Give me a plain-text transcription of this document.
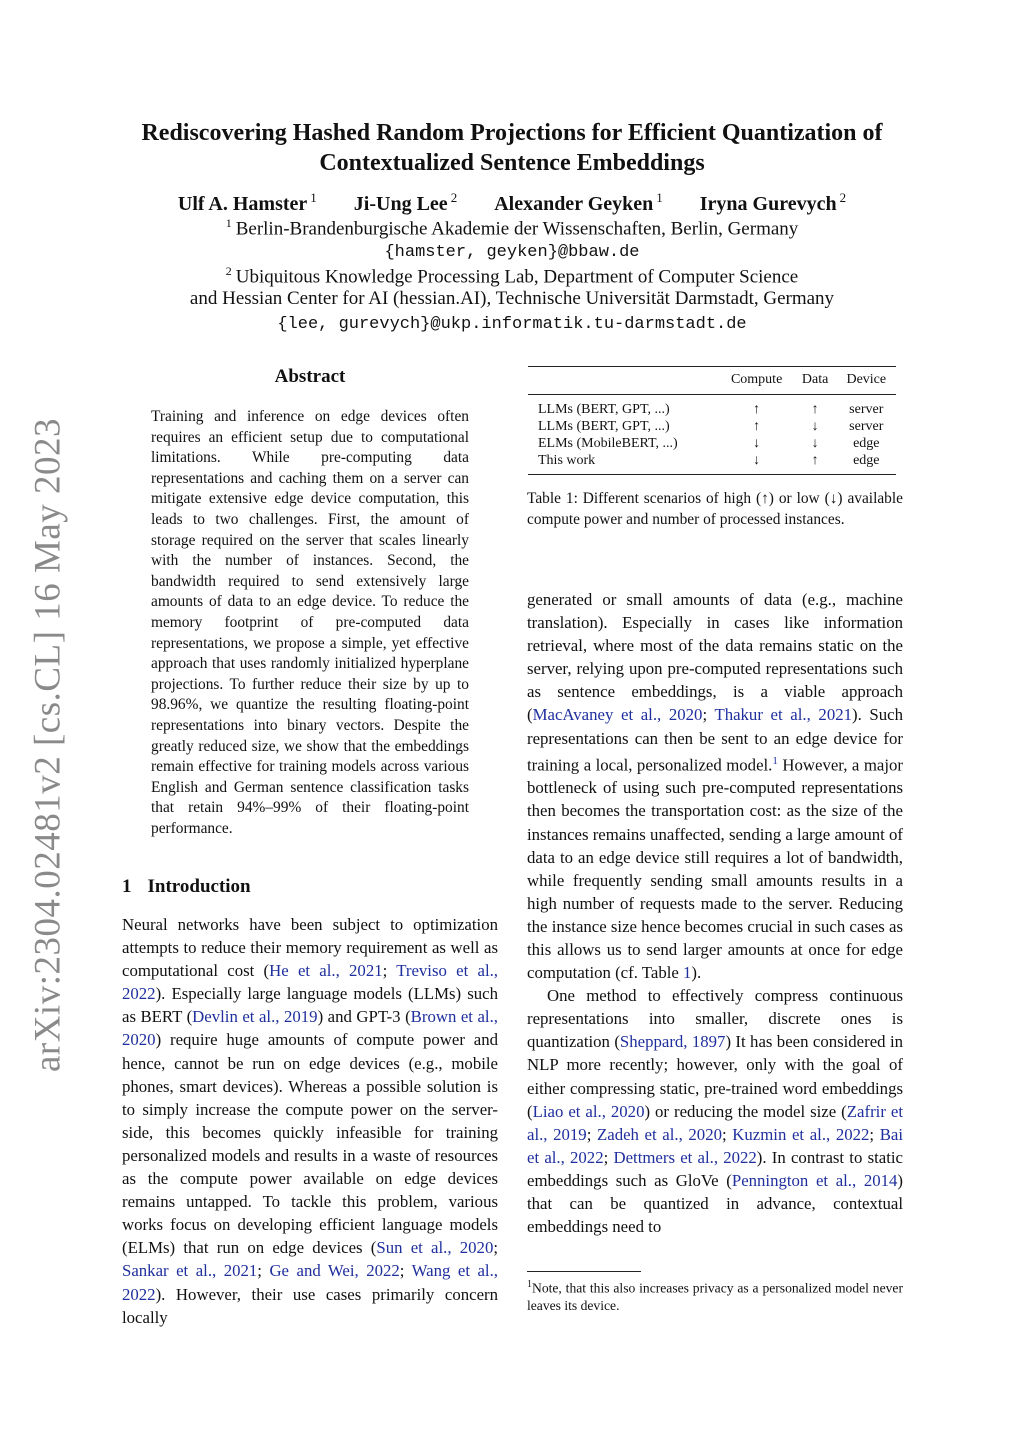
arXiv:2304.02481v2 [cs.CL] 16 May 2023
Rediscovering Hashed Random Projections for Efficient Quantization of
Contextualized Sentence Embeddings
Ulf A. Hamster $^1$ Ji-Ung Lee $^2$ Alexander Geyken $^1$ Iryna Gurevych $^2$
$^1$ Berlin-Brandenburgische Akademie der Wissenschaften, Berlin, Germany
{hamster, geyken}@bbaw.de
$^2$ Ubiquitous Knowledge Processing Lab, Department of Computer Science
and Hessian Center for AI (hessian.AI), Technische Universität Darmstadt, Germany
{lee, gurevych}@ukp.informatik.tu-darmstadt.de
Abstract
Training and inference on edge devices often requires an efficient setup due to computational limitations. While pre-computing data representations and caching them on a server can mitigate extensive edge device computation, this leads to two challenges. First, the amount of storage required on the server that scales linearly with the number of instances. Second, the bandwidth required to send extensively large amounts of data to an edge device. To reduce the memory footprint of pre-computed data representations, we propose a simple, yet effective approach that uses randomly initialized hyperplane projections. To further reduce their size by up to 98.96%, we quantize the resulting floating-point representations into binary vectors. Despite the greatly reduced size, we show that the embeddings remain effective for training models across various English and German sentence classification tasks that retain 94%–99% of their floating-point performance.
1 Introduction

Neural networks have been subject to optimization attempts to reduce their memory requirement as well as computational cost (He et al., 2021; Treviso et al., 2022). Especially large language models (LLMs) such as BERT (Devlin et al., 2019) and GPT-3 (Brown et al., 2020) require huge amounts of compute power and hence, cannot be run on edge devices (e.g., mobile phones, smart devices). Whereas a possible solution is to simply increase the compute power on the server-side, this becomes quickly infeasible for training personalized models and results in a waste of resources as the compute power available on edge devices remains untapped. To tackle this problem, various works focus on developing efficient language models (ELMs) that run on edge devices (Sun et al., 2020; Sankar et al., 2021; Ge and Wei, 2022; Wang et al., 2022). However, their use cases primarily concern locally

	Compute	Data	Device
LLMs (BERT, GPT, ...)	↑	↑	server
LLMs (BERT, GPT, ...)	↑	↓	server
ELMs (MobileBERT, ...)	↓	↓	edge
This work	↓	↑	edge
Table 1: Different scenarios of high (↑) or low (↓) available compute power and number of processed instances.

generated or small amounts of data (e.g., machine translation). Especially in cases like information retrieval, where most of the data remains static on the server, relying upon pre-computed representations such as sentence embeddings, is a viable approach (MacAvaney et al., 2020; Thakur et al., 2021). Such representations can then be sent to an edge device for training a local, personalized model.$^1$ However, a major bottleneck of using such pre-computed representations then becomes the transportation cost: as the size of the instances remains unaffected, sending a large amount of data to an edge device still requires a lot of bandwidth, while frequently sending small amounts results in a high number of requests made to the server. Reducing the instance size hence becomes crucial in such cases as this allows us to send larger amounts at once for edge computation (cf. Table 1).

One method to effectively compress continuous representations into smaller, discrete ones is quantization (Sheppard, 1897) It has been considered in NLP more recently; however, only with the goal of either compressing static, pre-trained word embeddings (Liao et al., 2020) or reducing the model size (Zafrir et al., 2019; Zadeh et al., 2020; Kuzmin et al., 2022; Bai et al., 2022; Dettmers et al., 2022). In contrast to static embeddings such as GloVe (Pennington et al., 2014) that can be quantized in advance, contextual embeddings need to

$^1$Note, that this also increases privacy as a personalized model never leaves its device.
